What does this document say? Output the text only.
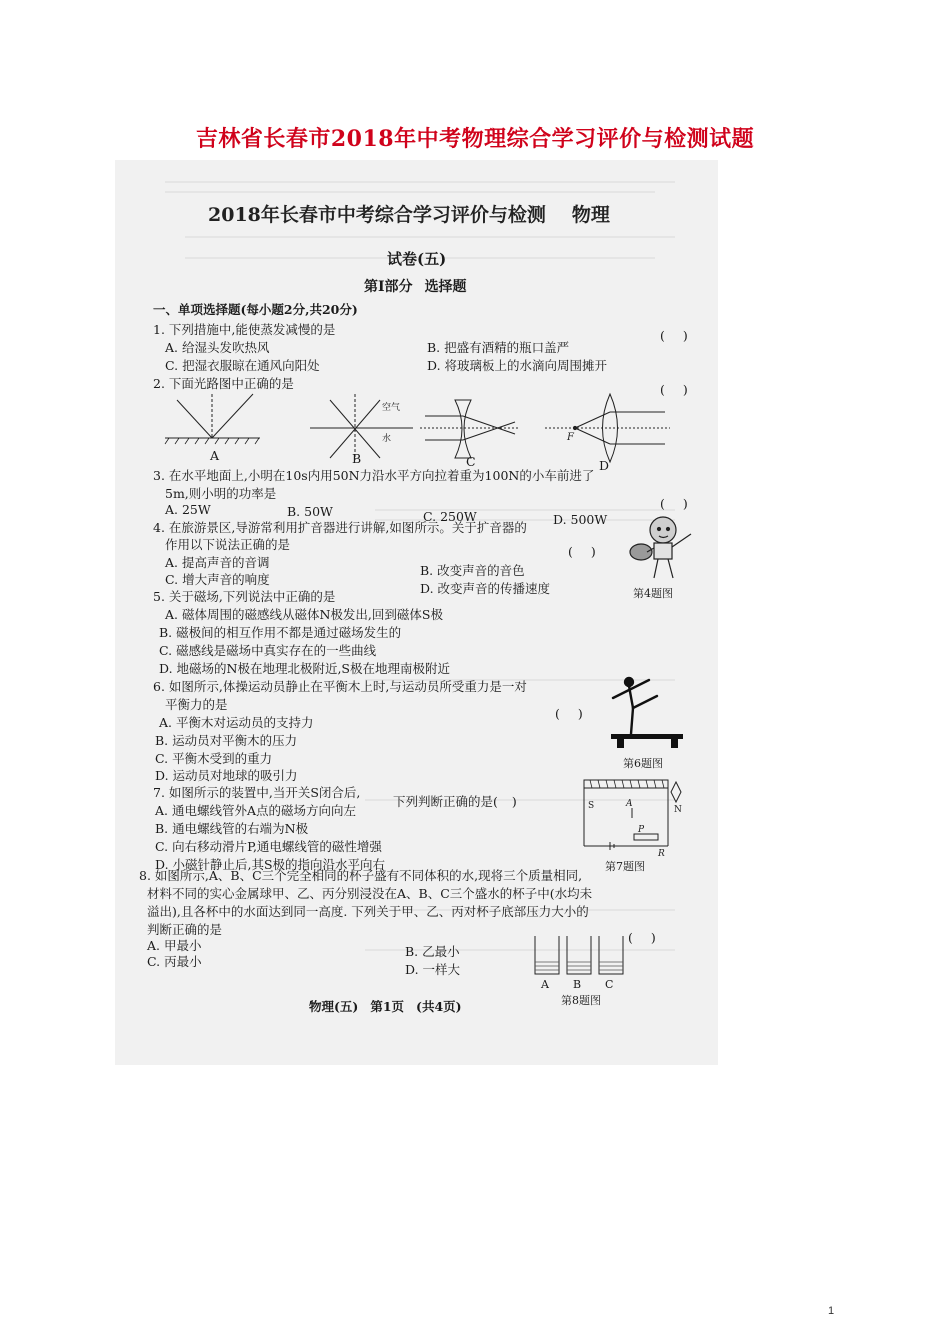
吉林省长春市2018年中考物理综合学习评价与检测试题
2018年长春市中考综合学习评价与检测 物理
试卷(五)
第Ⅰ部分 选择题
一、单项选择题(每小题2分,共20分)
1. 下列措施中,能使蒸发减慢的是	()
A. 给湿头发吹热风	B. 把盛有酒精的瓶口盖严
C. 把湿衣服晾在通风向阳处	D. 将玻璃板上的水滴向周围摊开
2. 下面光路图中正确的是	()
空气
水	F
A	B	C	D
3. 在水平地面上,小明在10s内用50N力沿水平方向拉着重为100N的小车前进了
5m,则小明的功率是
()
A. 25W	B. 50W	C. 250W	D. 500W
4. 在旅游景区,导游常利用扩音器进行讲解,如图所示。关于扩音器的
作用以下说法正确的是	()
A. 提高声音的音调
B. 改变声音的音色
C. 增大声音的响度
D. 改变声音的传播速度	第4题图
5. 关于磁场,下列说法中正确的是
A. 磁体周围的磁感线从磁体N极发出,回到磁体S极
B. 磁极间的相互作用不都是通过磁场发生的
C. 磁感线是磁场中真实存在的一些曲线
D. 地磁场的N极在地理北极附近,S极在地理南极附近
6. 如图所示,体操运动员静止在平衡木上时,与运动员所受重力是一对
平衡力的是
()
A. 平衡木对运动员的支持力
B. 运动员对平衡木的压力
C. 平衡木受到的重力
D. 运动员对地球的吸引力
第6题图
7. 如图所示的装置中,当开关S闭合后,
下列判断正确的是( )
A. 通电螺线管外A点的磁场方向向左
B. 通电螺线管的右端为N极
C. 向右移动滑片P,通电螺线管的磁性增强
D. 小磁针静止后,其S极的指向沿水平向右
N
S	A
P
R
第7题图
8. 如图所示,A、B、C三个完全相同的杯子盛有不同体积的水,现将三个质量相同,
材料不同的实心金属球甲、乙、丙分别浸没在A、B、C三个盛水的杯子中(水均未
溢出),且各杯中的水面达到同一高度. 下列关于甲、乙、丙对杯子底部压力大小的
判断正确的是
()
A. 甲最小	B. 乙最小
C. 丙最小
D. 一样大
A B C
第8题图
物理(五) 第1页 (共4页)
1
